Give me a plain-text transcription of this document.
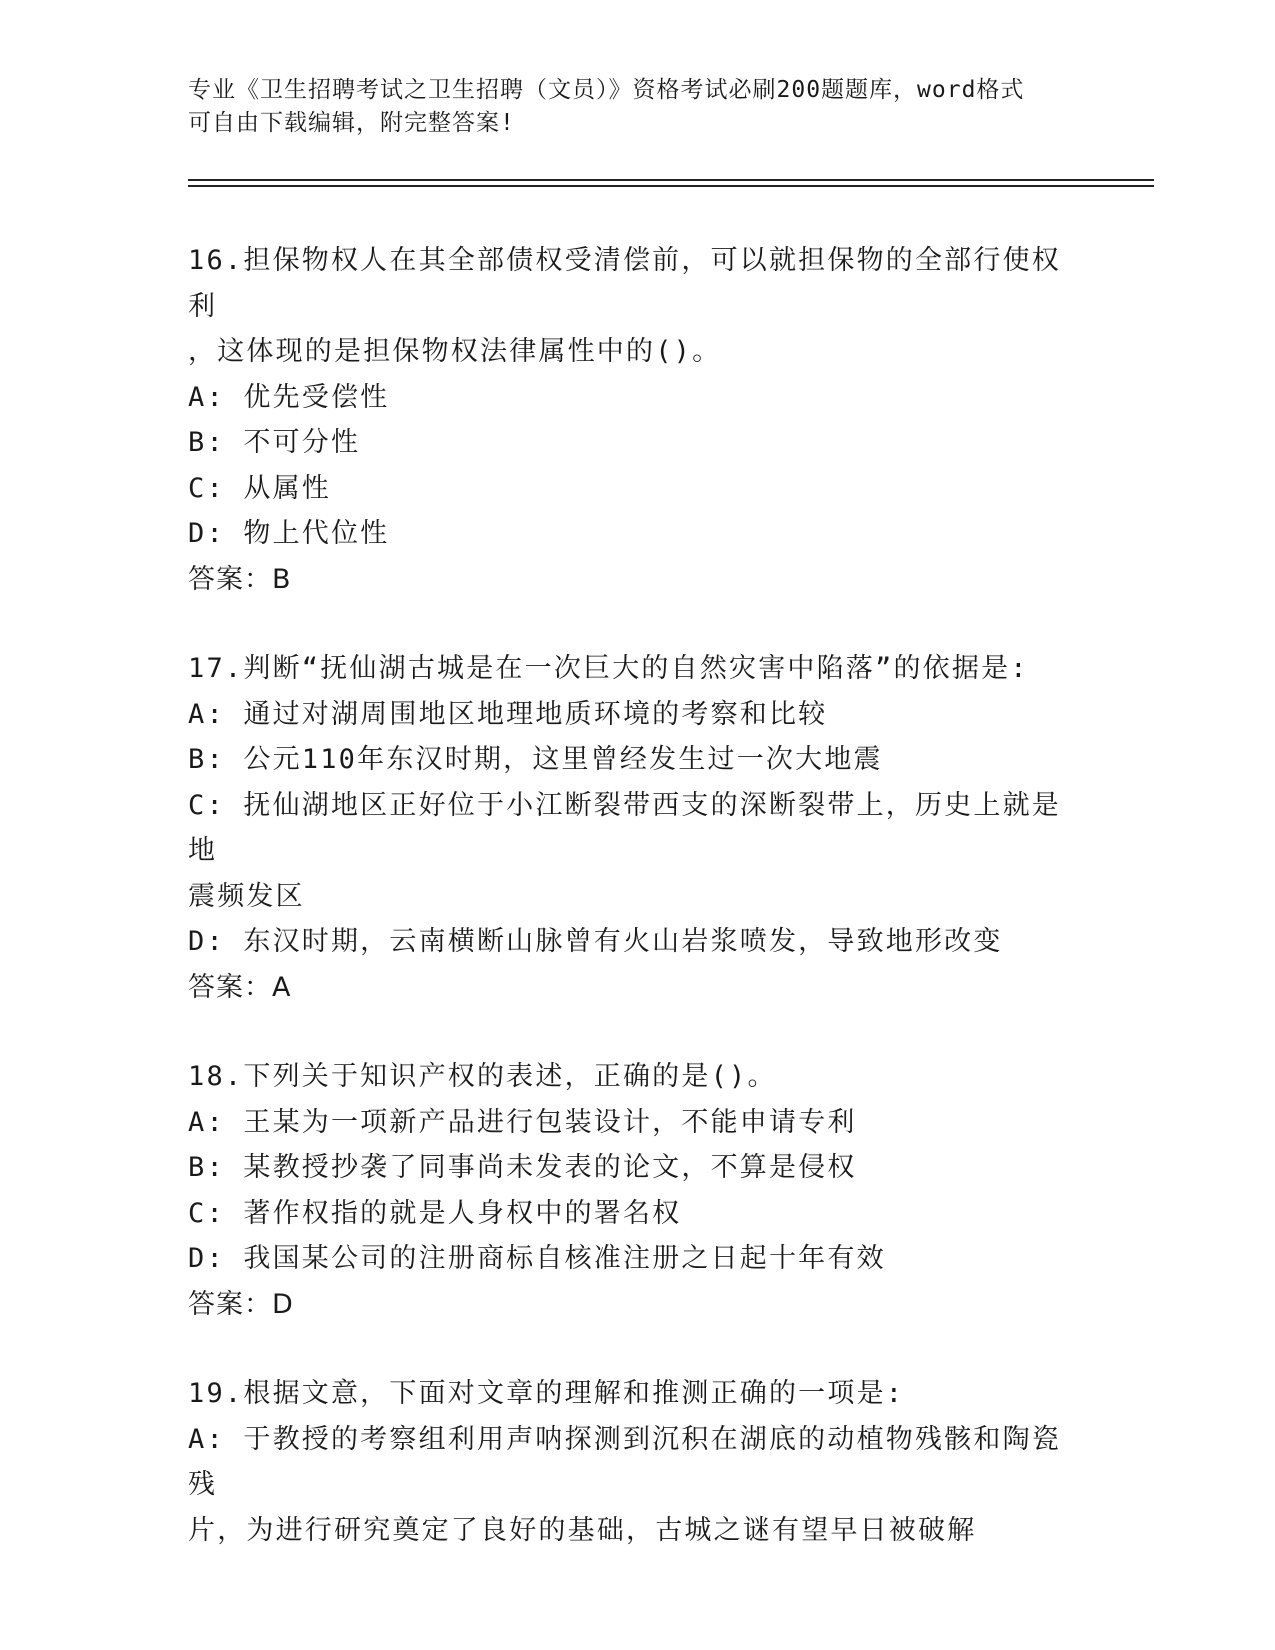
专业《卫生招聘考试之卫生招聘（文员）》资格考试必刷200题题库，word格式
可自由下载编辑，附完整答案!
16.担保物权人在其全部债权受清偿前，可以就担保物的全部行使权利
，这体现的是担保物权法律属性中的()。
A: 优先受偿性
B: 不可分性
C: 从属性
D: 物上代位性
答案：B
17.判断“抚仙湖古城是在一次巨大的自然灾害中陷落”的依据是:
A: 通过对湖周围地区地理地质环境的考察和比较
B: 公元110年东汉时期，这里曾经发生过一次大地震
C: 抚仙湖地区正好位于小江断裂带西支的深断裂带上，历史上就是地
震频发区
D: 东汉时期，云南横断山脉曾有火山岩浆喷发，导致地形改变
答案：A
18.下列关于知识产权的表述，正确的是()。
A: 王某为一项新产品进行包装设计，不能申请专利
B: 某教授抄袭了同事尚未发表的论文，不算是侵权
C: 著作权指的就是人身权中的署名权
D: 我国某公司的注册商标自核准注册之日起十年有效
答案：D
19.根据文意，下面对文章的理解和推测正确的一项是:
A: 于教授的考察组利用声呐探测到沉积在湖底的动植物残骸和陶瓷残
片，为进行研究奠定了良好的基础，古城之谜有望早日被破解
